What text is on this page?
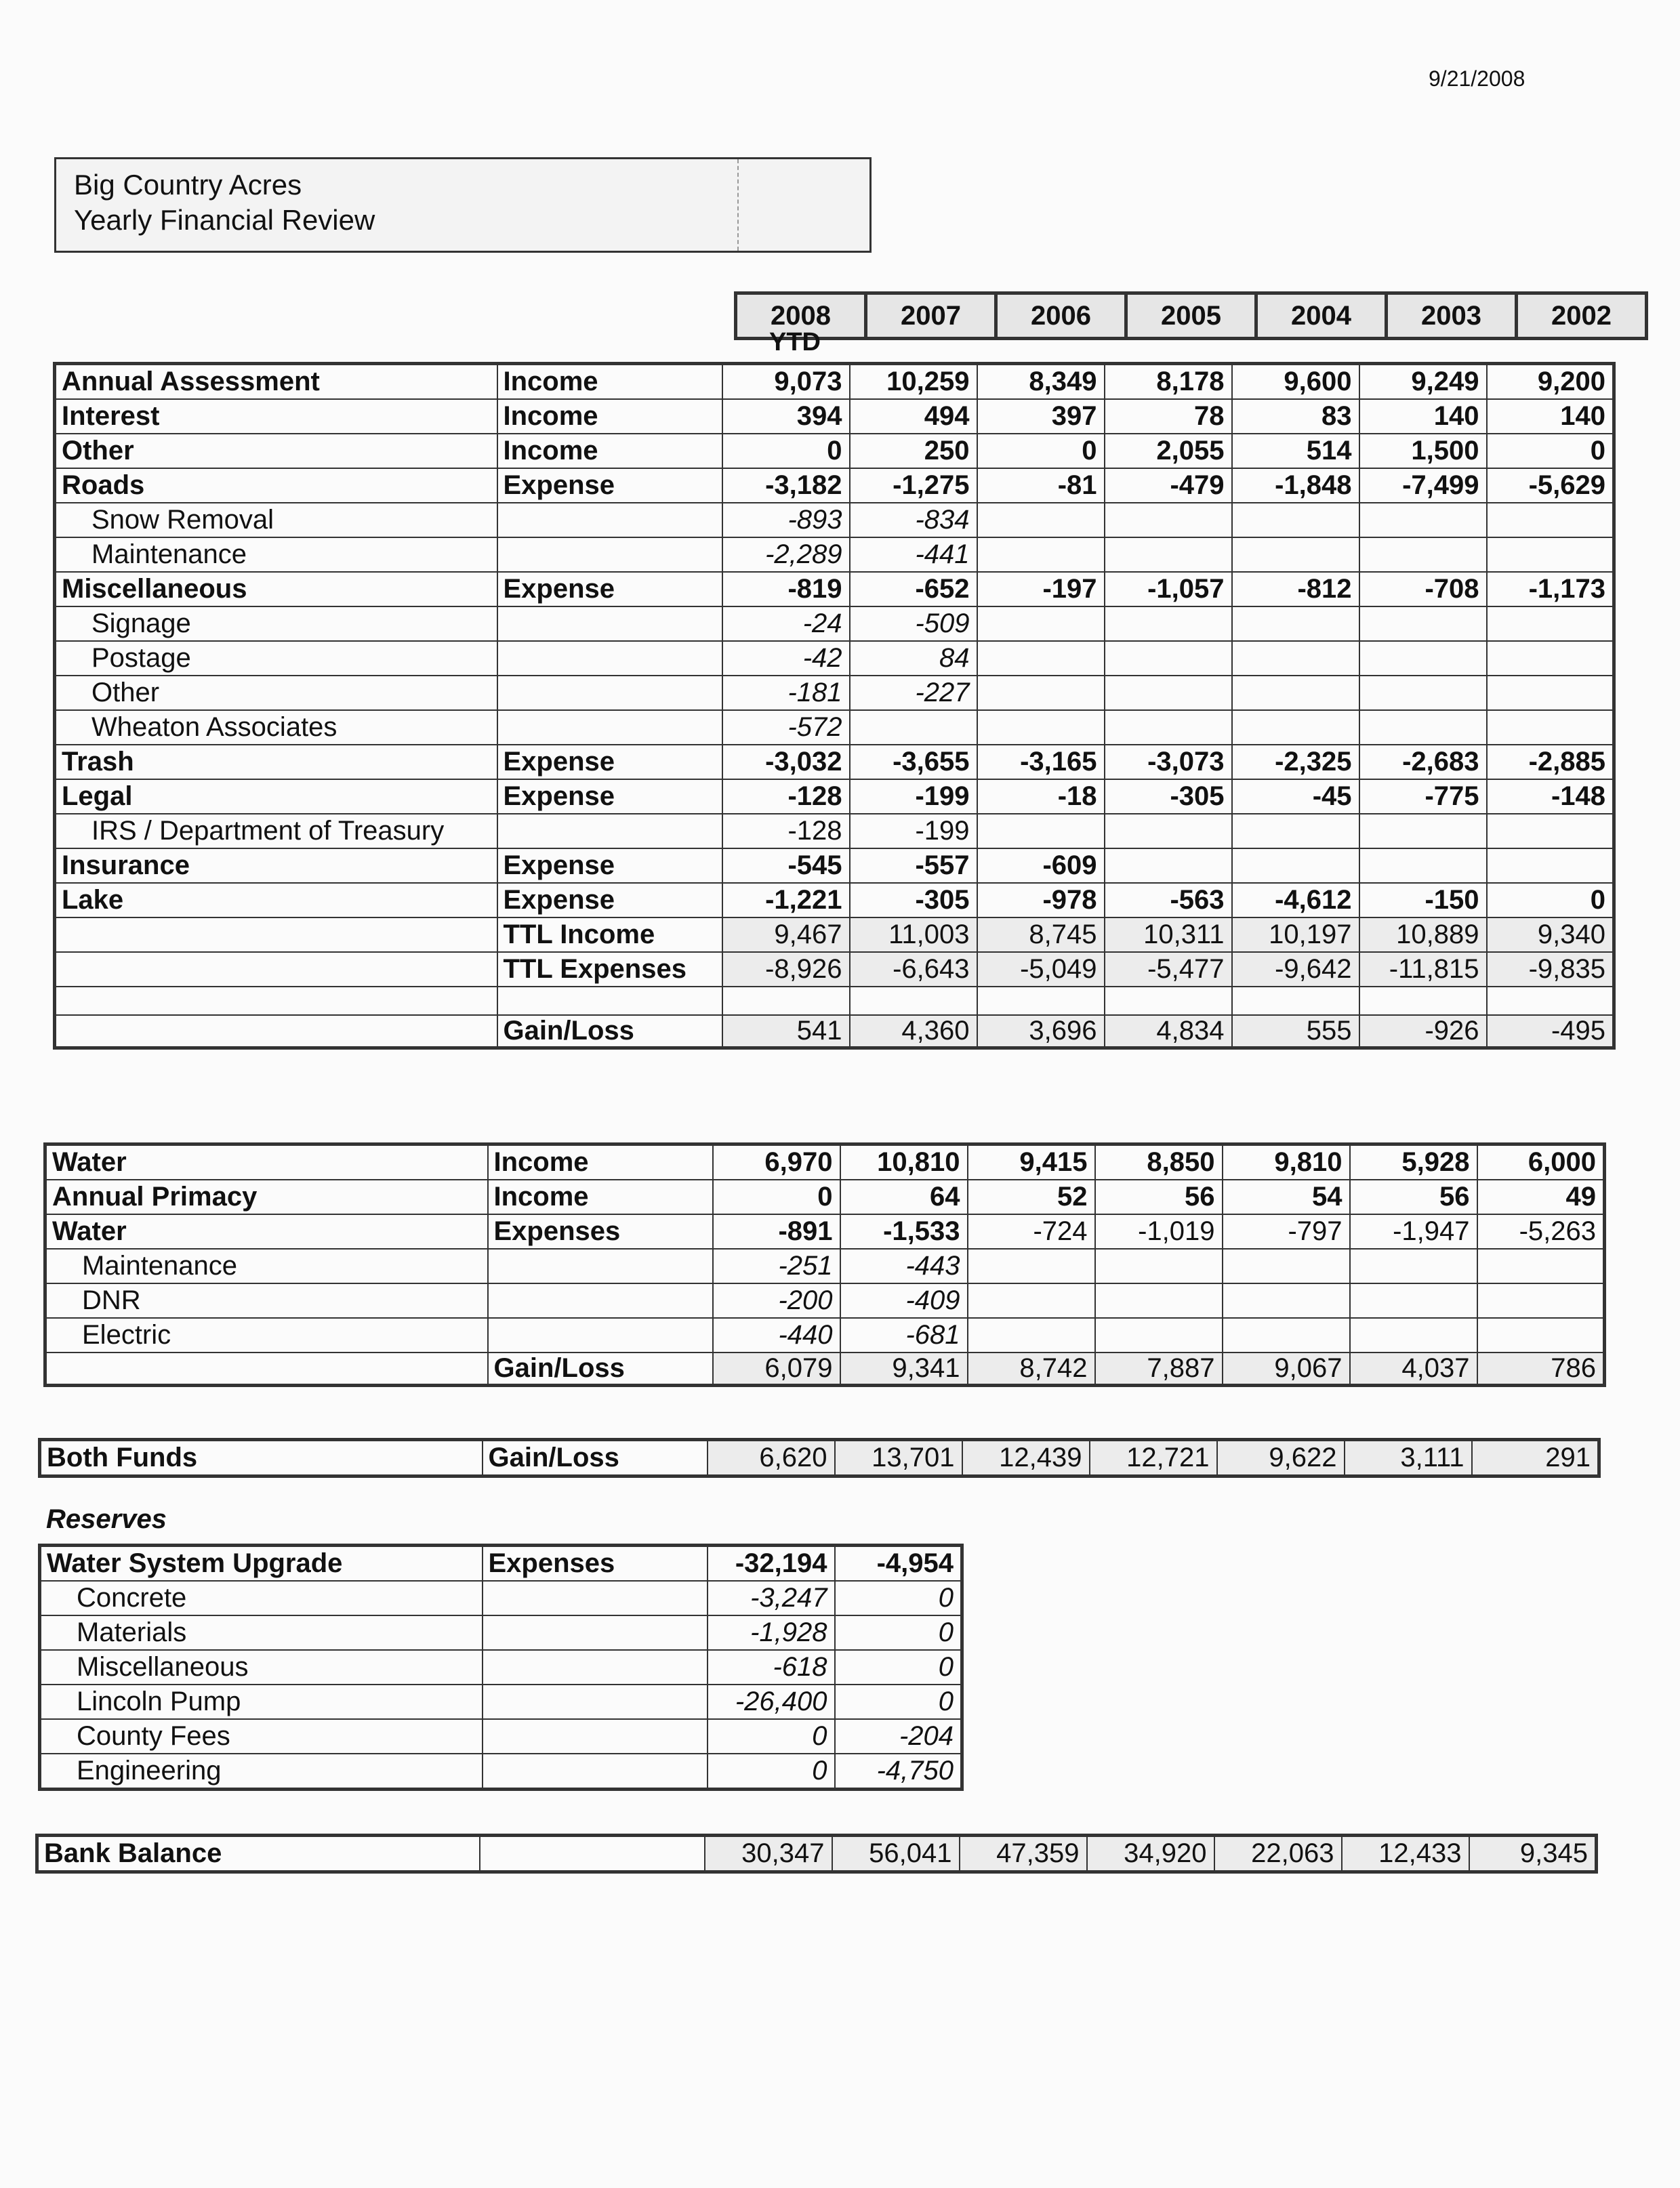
9/21/2008
Big Country Acres
Yearly Financial Review
2008	2007	2006	2005	2004	2003	2002
YTD
Annual Assessment	Income	9,073	10,259	8,349	8,178	9,600	9,249	9,200
Interest	Income	394	494	397	78	83	140	140
Other	Income	0	250	0	2,055	514	1,500	0
Roads	Expense	-3,182	-1,275	-81	-479	-1,848	-7,499	-5,629
Snow Removal		-893	-834					
Maintenance		-2,289	-441					
Miscellaneous	Expense	-819	-652	-197	-1,057	-812	-708	-1,173
Signage		-24	-509					
Postage		-42	84					
Other		-181	-227					
Wheaton Associates		-572						
Trash	Expense	-3,032	-3,655	-3,165	-3,073	-2,325	-2,683	-2,885
Legal	Expense	-128	-199	-18	-305	-45	-775	-148
IRS / Department of Treasury		-128	-199					
Insurance	Expense	-545	-557	-609				
Lake	Expense	-1,221	-305	-978	-563	-4,612	-150	0
	TTL Income	9,467	11,003	8,745	10,311	10,197	10,889	9,340
	TTL Expenses	-8,926	-6,643	-5,049	-5,477	-9,642	-11,815	-9,835

	Gain/Loss	541	4,360	3,696	4,834	555	-926	-495
Water	Income	6,970	10,810	9,415	8,850	9,810	5,928	6,000
Annual Primacy	Income	0	64	52	56	54	56	49
Water	Expenses	-891	-1,533	-724	-1,019	-797	-1,947	-5,263
Maintenance		-251	-443					
DNR		-200	-409					
Electric		-440	-681					
	Gain/Loss	6,079	9,341	8,742	7,887	9,067	4,037	786
Both Funds	Gain/Loss	6,620	13,701	12,439	12,721	9,622	3,111	291
Reserves
Water System Upgrade	Expenses	-32,194	-4,954
Concrete		-3,247	0
Materials		-1,928	0
Miscellaneous		-618	0
Lincoln Pump		-26,400	0
County Fees		0	-204
Engineering		0	-4,750
Bank Balance		30,347	56,041	47,359	34,920	22,063	12,433	9,345
